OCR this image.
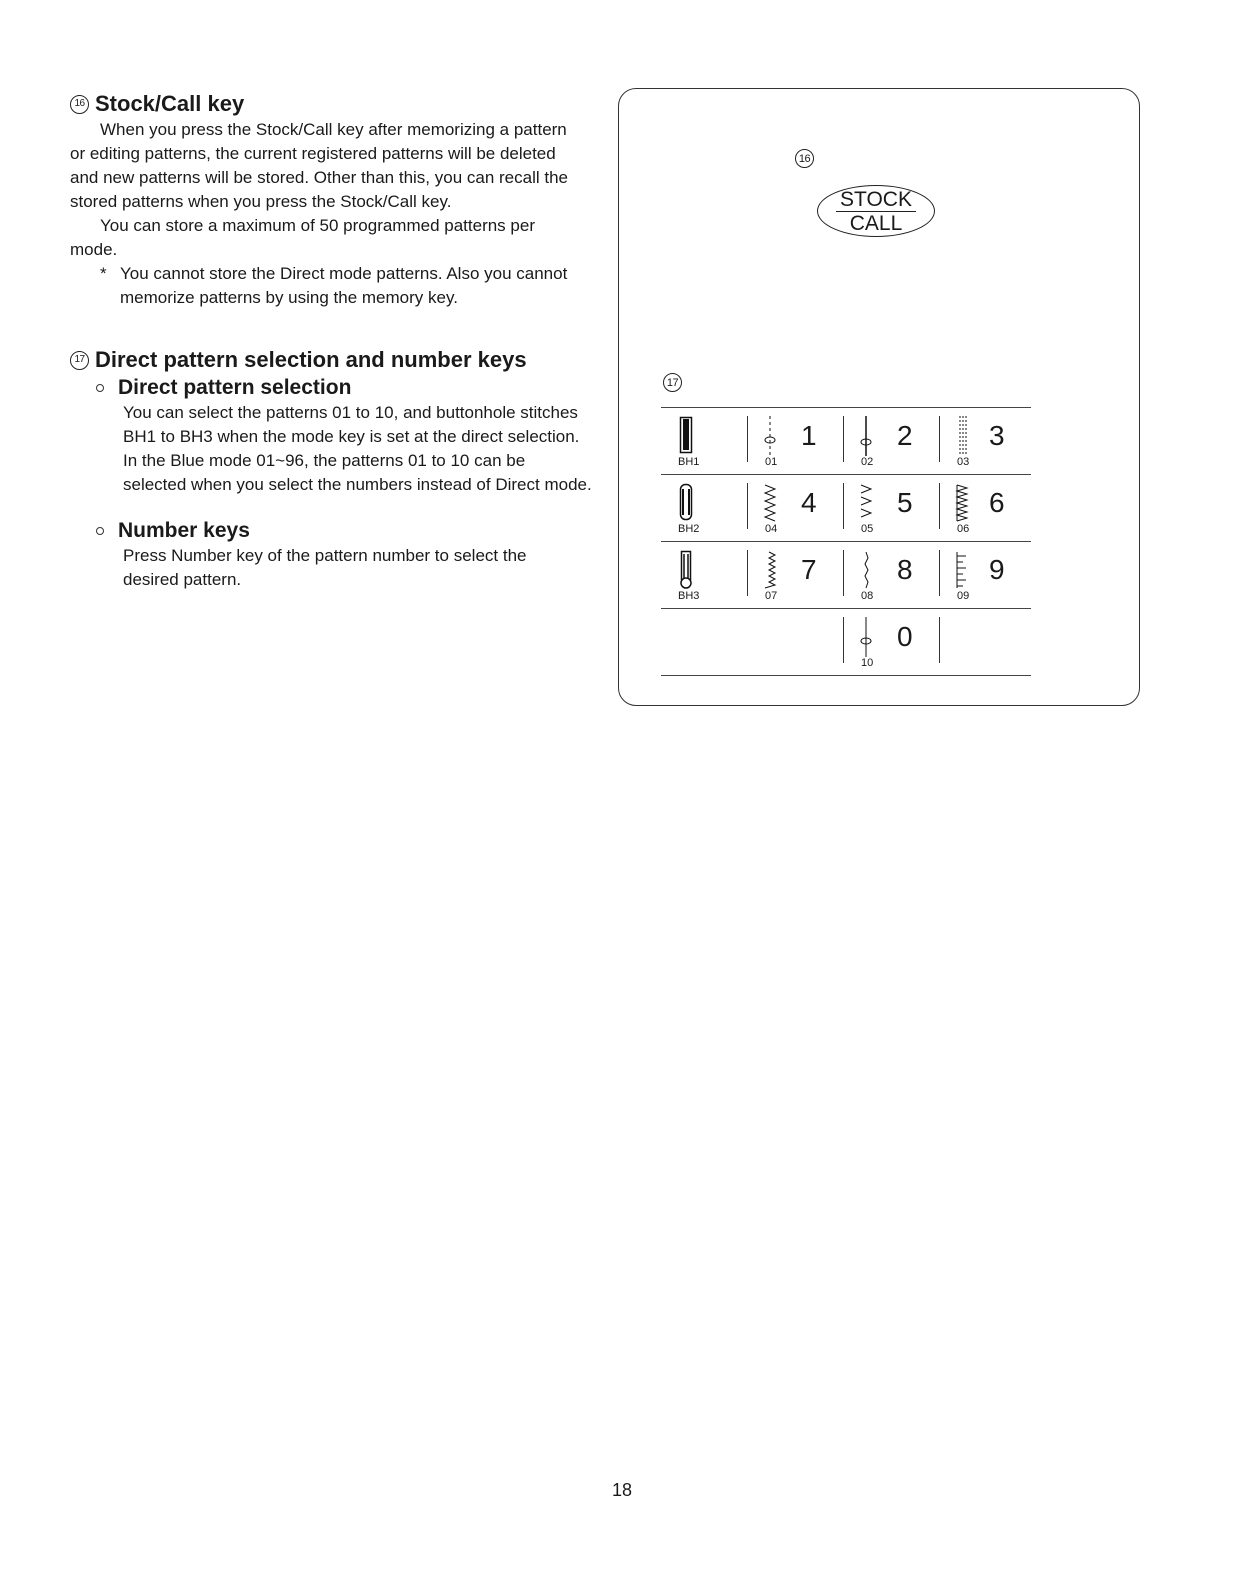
16 Stock/Call key

When you press the Stock/Call key after memorizing a pattern or editing patterns, the current registered patterns will be deleted and new patterns will be stored. Other than this, you can recall the stored patterns when you press the Stock/Call key.

You can store a maximum of 50 programmed patterns per mode.

* You cannot store the Direct mode patterns. Also you cannot memorize patterns by using the memory key.
17 Direct pattern selection and number keys
Direct pattern selection

You can select the patterns 01 to 10, and buttonhole stitches BH1 to BH3 when the mode key is set at the direct selection.

In the Blue mode 01~96, the patterns 01 to 10 can be selected when you select the numbers instead of Direct mode.

Number keys

Press Number key of the pattern number to select the desired pattern.

16
STOCK
CALL
17
BH1
1
01
2
02
3
03
BH2
4
04
5
05
6
06
BH3
7
07
8
08
9
09
0
10
18
